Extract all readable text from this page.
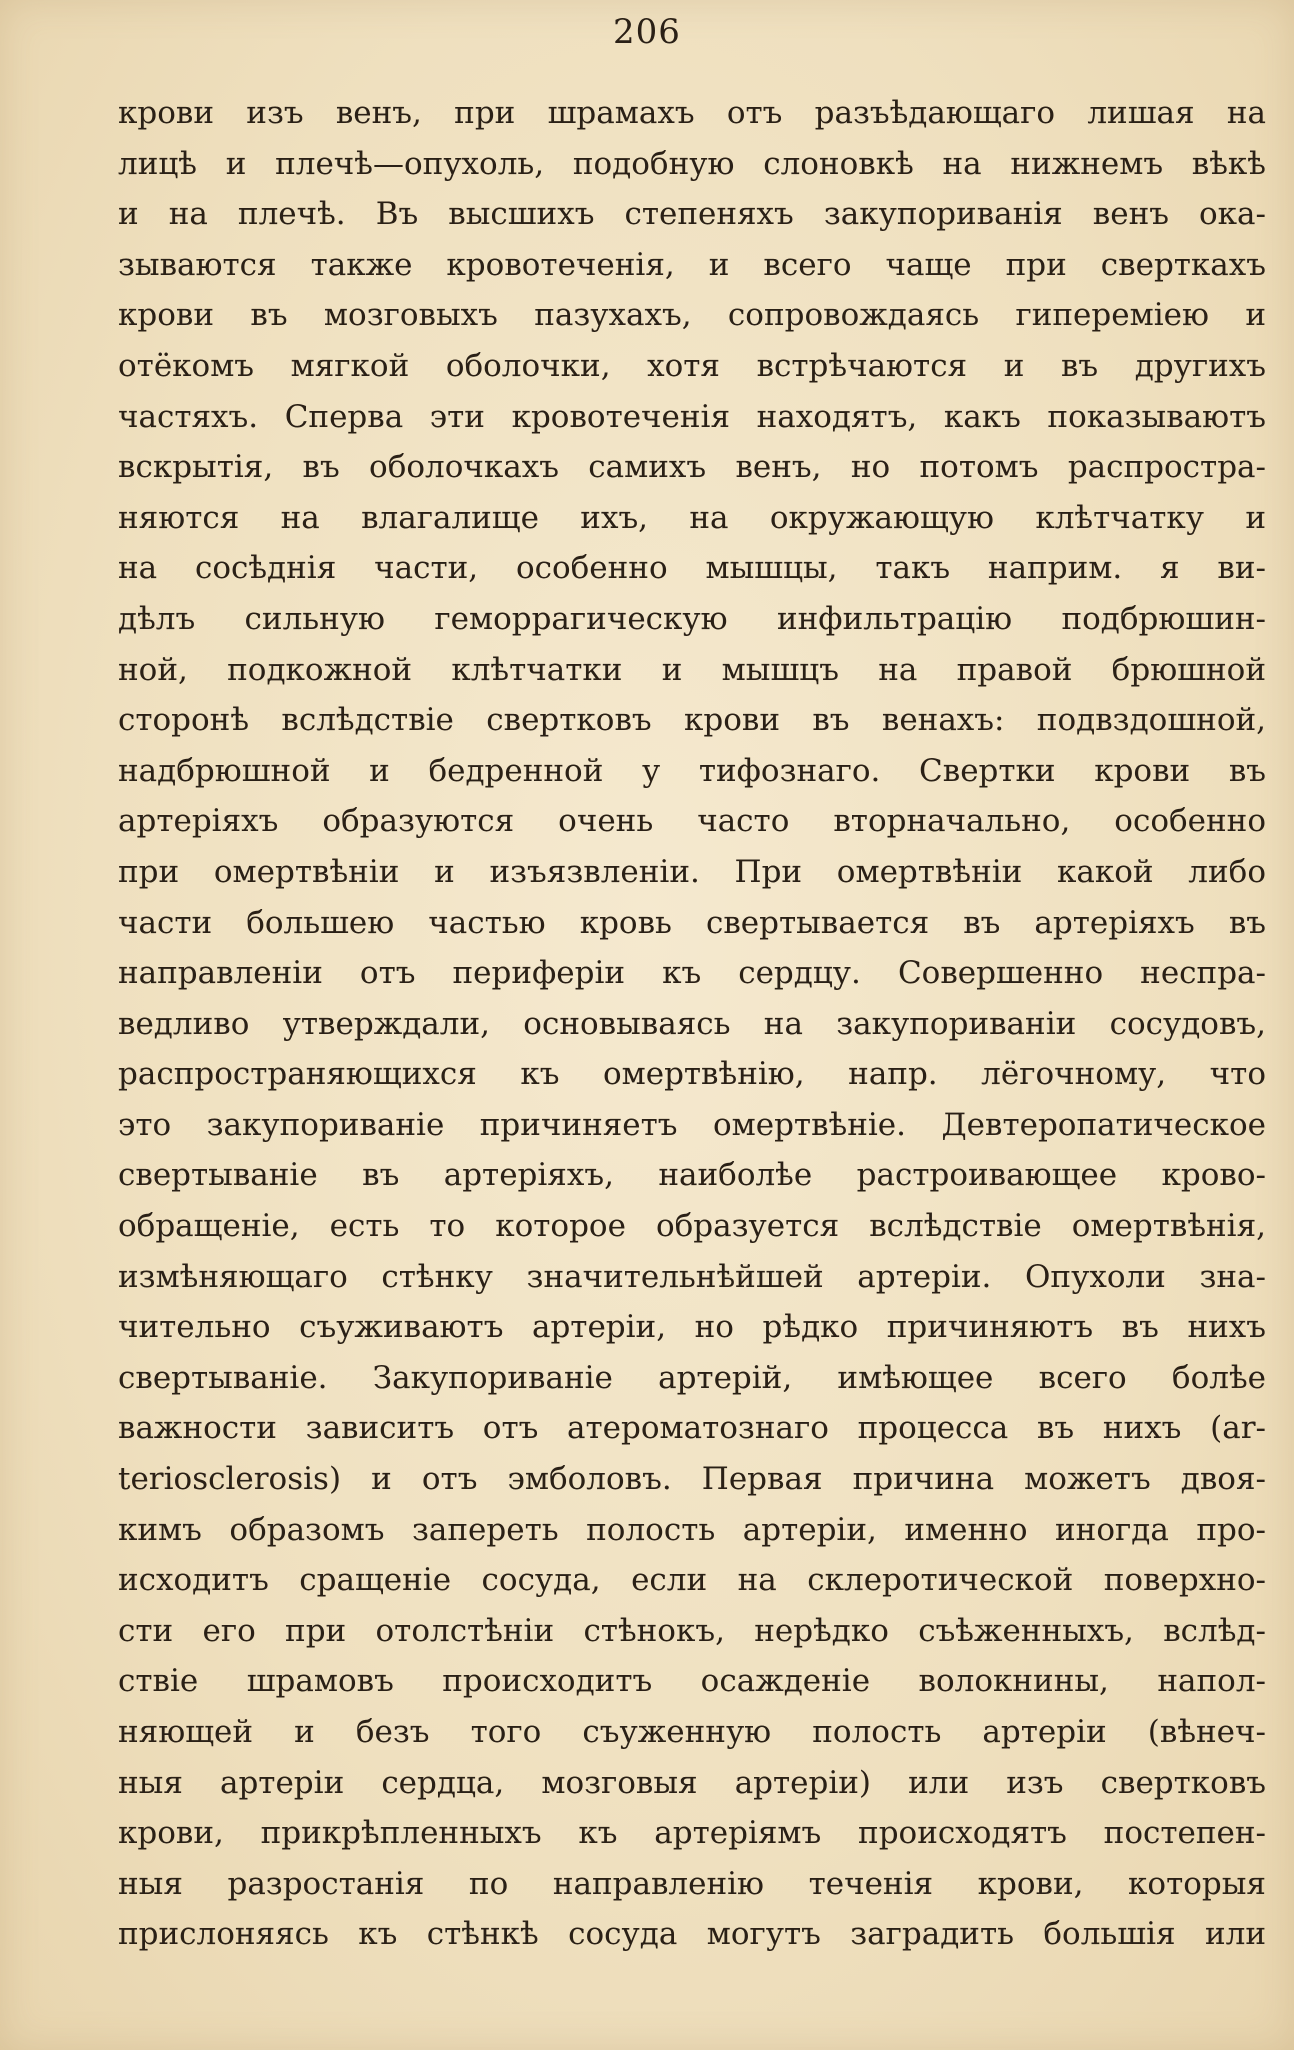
206
крови изъ венъ, при шрамахъ отъ разъѣдающаго лишая на
лицѣ и плечѣ—опухоль, подобную слоновкѣ на нижнемъ вѣкѣ
и на плечѣ. Въ высшихъ степеняхъ закупориванія венъ ока-
зываются также кровотеченія, и всего чаще при сверткахъ
крови въ мозговыхъ пазухахъ, сопровождаясь гипереміею и
отёкомъ мягкой оболочки, хотя встрѣчаются и въ другихъ
частяхъ. Сперва эти кровотеченія находятъ, какъ показываютъ
вскрытія, въ оболочкахъ самихъ венъ, но потомъ распростра-
няются на влагалище ихъ, на окружающую клѣтчатку и
на сосѣднія части, особенно мышцы, такъ наприм. я ви-
дѣлъ сильную геморрагическую инфильтрацію подбрюшин-
ной, подкожной клѣтчатки и мышцъ на правой брюшной
сторонѣ вслѣдствіе свертковъ крови въ венахъ: подвздошной,
надбрюшной и бедренной у тифознаго. Свертки крови въ
артеріяхъ образуются очень часто вторначально, особенно
при омертвѣніи и изъязвленіи. При омертвѣніи какой либо
части большею частью кровь свертывается въ артеріяхъ въ
направленіи отъ периферіи къ сердцу. Совершенно неспра-
ведливо утверждали, основываясь на закупориваніи сосудовъ,
распространяющихся къ омертвѣнію, напр. лёгочному, что
это закупориваніе причиняетъ омертвѣніе. Девтеропатическое
свертываніе въ артеріяхъ, наиболѣе растроивающее крово-
обращеніе, есть то которое образуется вслѣдствіе омертвѣнія,
измѣняющаго стѣнку значительнѣйшей артеріи. Опухоли зна-
чительно съуживаютъ артеріи, но рѣдко причиняютъ въ нихъ
свертываніе. Закупориваніе артерій, имѣющее всего болѣе
важности зависитъ отъ атероматознаго процесса въ нихъ (ar-
teriosclerosis) и отъ эмболовъ. Первая причина можетъ двоя-
кимъ образомъ запереть полость артеріи, именно иногда про-
исходитъ сращеніе сосуда, если на склеротической поверхно-
сти его при отолстѣніи стѣнокъ, нерѣдко съѣженныхъ, вслѣд-
ствіе шрамовъ происходитъ осажденіе волокнины, напол-
няющей и безъ того съуженную полость артеріи (вѣнеч-
ныя артеріи сердца, мозговыя артеріи) или изъ свертковъ
крови, прикрѣпленныхъ къ артеріямъ происходятъ постепен-
ныя разростанія по направленію теченія крови, которыя
прислоняясь къ стѣнкѣ сосуда могутъ заградить большія или
